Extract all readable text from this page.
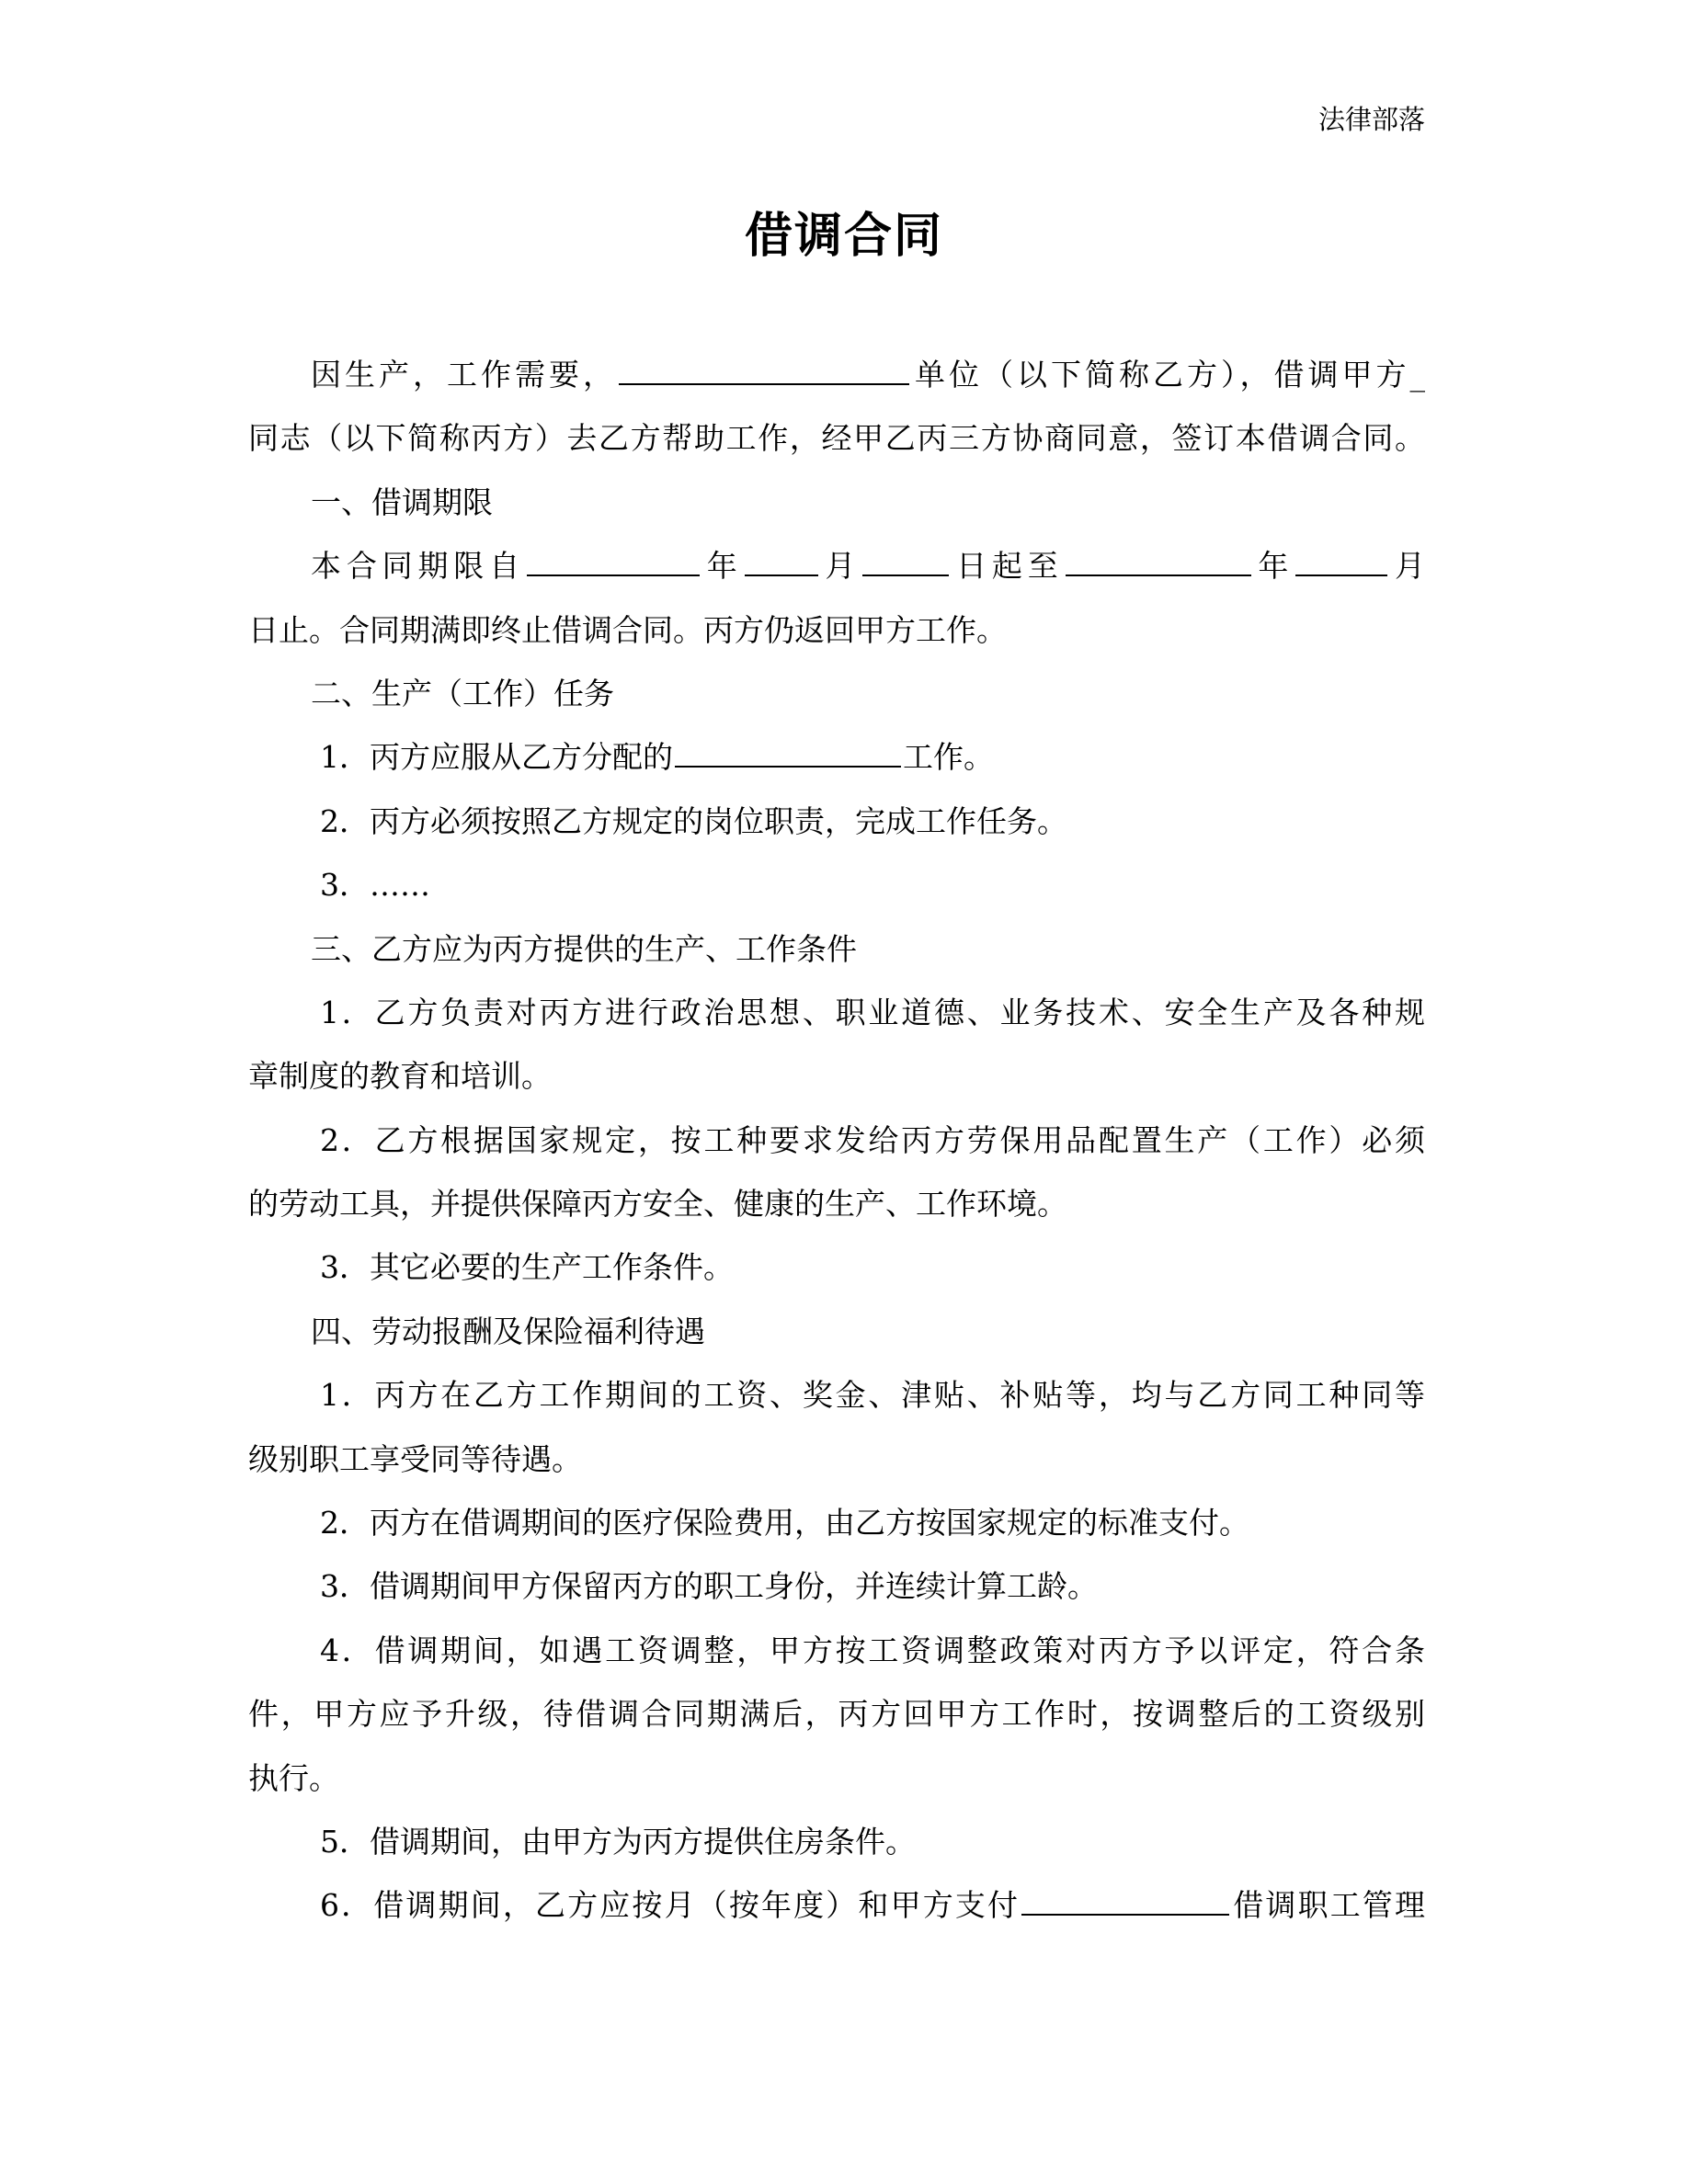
法律部落
借调合同
因生产，工作需要，	单位（以下简称乙方），借调甲方_
同志（以下简称丙方）去乙方帮助工作，经甲乙丙三方协商同意，签订本借调合同。
一、借调期限
本合同期限自	年	月	日起至	年	月
日止。合同期满即终止借调合同。丙方仍返回甲方工作。
二、生产（工作）任务
1．丙方应服从乙方分配的	工作。
2．丙方必须按照乙方规定的岗位职责，完成工作任务。
3．……
三、乙方应为丙方提供的生产、工作条件
1．乙方负责对丙方进行政治思想、职业道德、业务技术、安全生产及各种规
章制度的教育和培训。
2．乙方根据国家规定，按工种要求发给丙方劳保用品配置生产（工作）必须
的劳动工具，并提供保障丙方安全、健康的生产、工作环境。
3．其它必要的生产工作条件。
四、劳动报酬及保险福利待遇
1．丙方在乙方工作期间的工资、奖金、津贴、补贴等，均与乙方同工种同等
级别职工享受同等待遇。
2．丙方在借调期间的医疗保险费用，由乙方按国家规定的标准支付。
3．借调期间甲方保留丙方的职工身份，并连续计算工龄。
4．借调期间，如遇工资调整，甲方按工资调整政策对丙方予以评定，符合条
件，甲方应予升级，待借调合同期满后，丙方回甲方工作时，按调整后的工资级别
执行。
5．借调期间，由甲方为丙方提供住房条件。
6．借调期间，乙方应按月（按年度）和甲方支付	借调职工管理
